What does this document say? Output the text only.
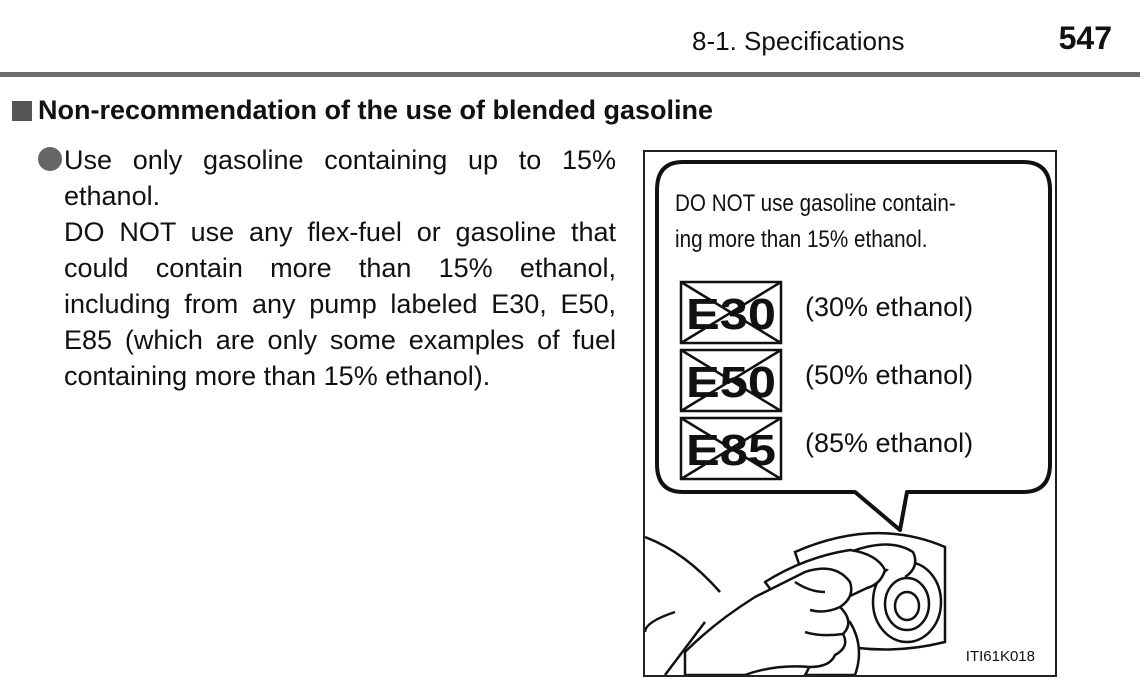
8-1. Specifications	547
Non-recommendation of the use of blended gasoline

Use only gasoline containing up to 15% ethanol.

DO NOT use any flex-fuel or gasoline that could contain more than 15% ethanol, including from any pump labeled E30, E50, E85 (which are only some examples of fuel containing more than 15% ethanol).

E30
E50
E85
DO NOT use gasoline contain-
ing more than 15% ethanol.
(30% ethanol)
(50% ethanol)
(85% ethanol)
ITI61K018
